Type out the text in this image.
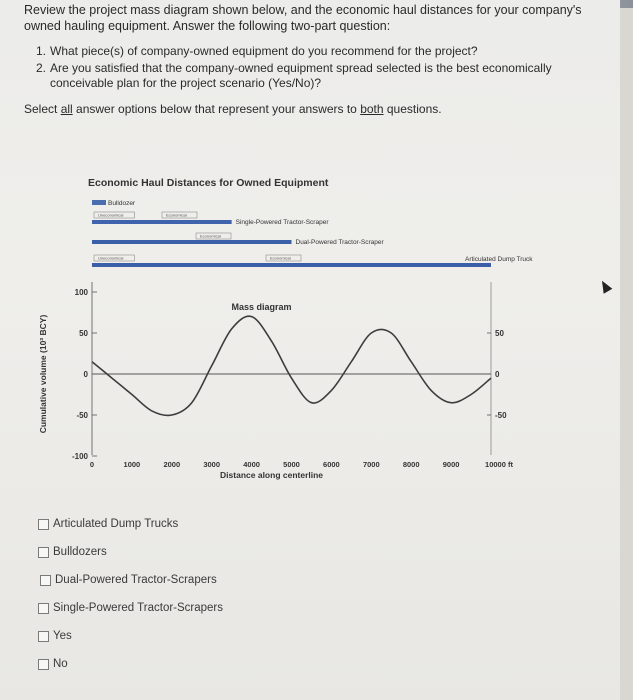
Review the project mass diagram shown below, and the economic haul distances for your company's owned hauling equipment. Answer the following two-part question:

1. What piece(s) of company-owned equipment do you recommend for the project?
2. Are you satisfied that the company-owned equipment spread selected is the best economically conceivable plan for the project scenario (Yes/No)?
Select all answer options below that represent your answers to both questions.
Economic Haul Distances for Owned Equipment
Bulldozer
Single-Powered Tractor-Scraper
Uneconomical	Economical
Dual-Powered Tractor-Scraper
Economical
Articulated Dump Truck
Uneconomical	Economical
100
50
0
-50
-100
50
0
-50
0	1000	2000	3000	4000	5000	6000	7000	8000	9000	10000 ft
Distance along centerline
Cumulative volume (10³ BCY)
Mass diagram
Articulated Dump Trucks
Bulldozers
Dual-Powered Tractor-Scrapers
Single-Powered Tractor-Scrapers
Yes
No
